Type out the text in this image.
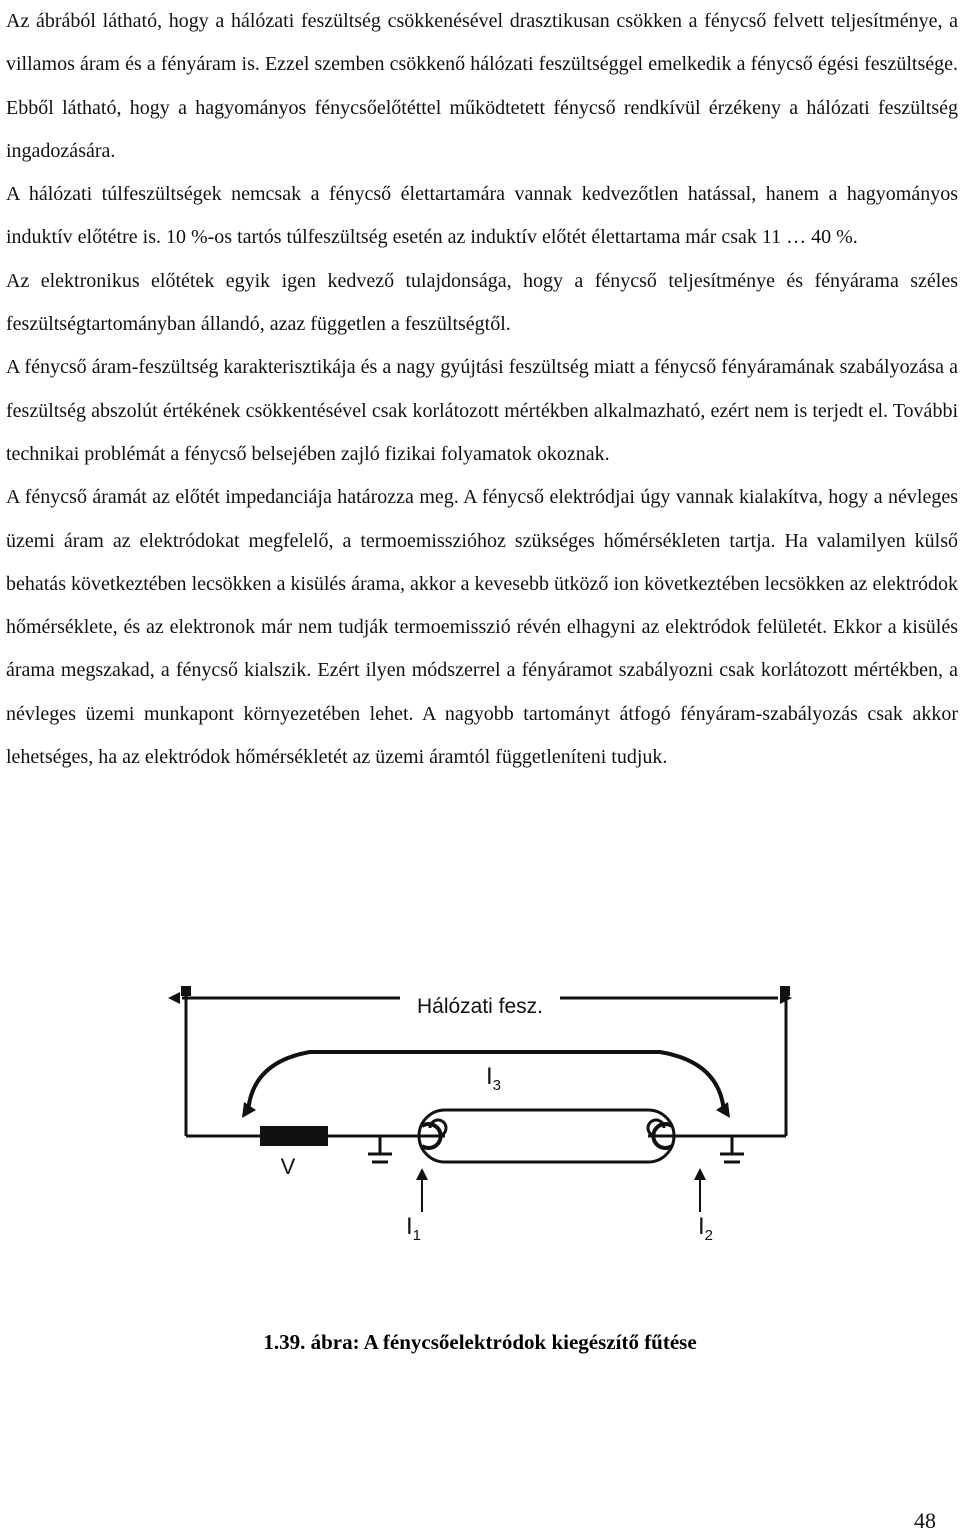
Az ábrából látható, hogy a hálózati feszültség csökkenésével drasztikusan csökken a fénycső felvett teljesítménye, a villamos áram és a fényáram is. Ezzel szemben csökkenő hálózati feszültséggel emelkedik a fénycső égési feszültsége. Ebből látható, hogy a hagyományos fénycsőelőtéttel működtetett fénycső rendkívül érzékeny a hálózati feszültség ingadozására.

A hálózati túlfeszültségek nemcsak a fénycső élettartamára vannak kedvezőtlen hatással, hanem a hagyományos induktív előtétre is. 10 %-os tartós túlfeszültség esetén az induktív előtét élettartama már csak 11 … 40 %.

Az elektronikus előtétek egyik igen kedvező tulajdonsága, hogy a fénycső teljesítménye és fényárama széles feszültségtartományban állandó, azaz független a feszültségtől.

A fénycső áram-feszültség karakterisztikája és a nagy gyújtási feszültség miatt a fénycső fényáramának szabályozása a feszültség abszolút értékének csökkentésével csak korlátozott mértékben alkalmazható, ezért nem is terjedt el. További technikai problémát a fénycső belsejében zajló fizikai folyamatok okoznak.

A fénycső áramát az előtét impedanciája határozza meg. A fénycső elektródjai úgy vannak kialakítva, hogy a névleges üzemi áram az elektródokat megfelelő, a termoemisszióhoz szükséges hőmérsékleten tartja. Ha valamilyen külső behatás következtében lecsökken a kisülés árama, akkor a kevesebb ütköző ion következtében lecsökken az elektródok hőmérséklete, és az elektronok már nem tudják termoemisszió révén elhagyni az elektródok felületét. Ekkor a kisülés árama megszakad, a fénycső kialszik. Ezért ilyen módszerrel a fényáramot szabályozni csak korlátozott mértékben, a névleges üzemi munkapont környezetében lehet. A nagyobb tartományt átfogó fényáram-szabályozás csak akkor lehetséges, ha az elektródok hőmérsékletét az üzemi áramtól függetleníteni tudjuk.

Hálózati fesz.
V
$I_3$
$I_1$	$I_2$
1.39. ábra: A fénycsőelektródok kiegészítő fűtése
48
